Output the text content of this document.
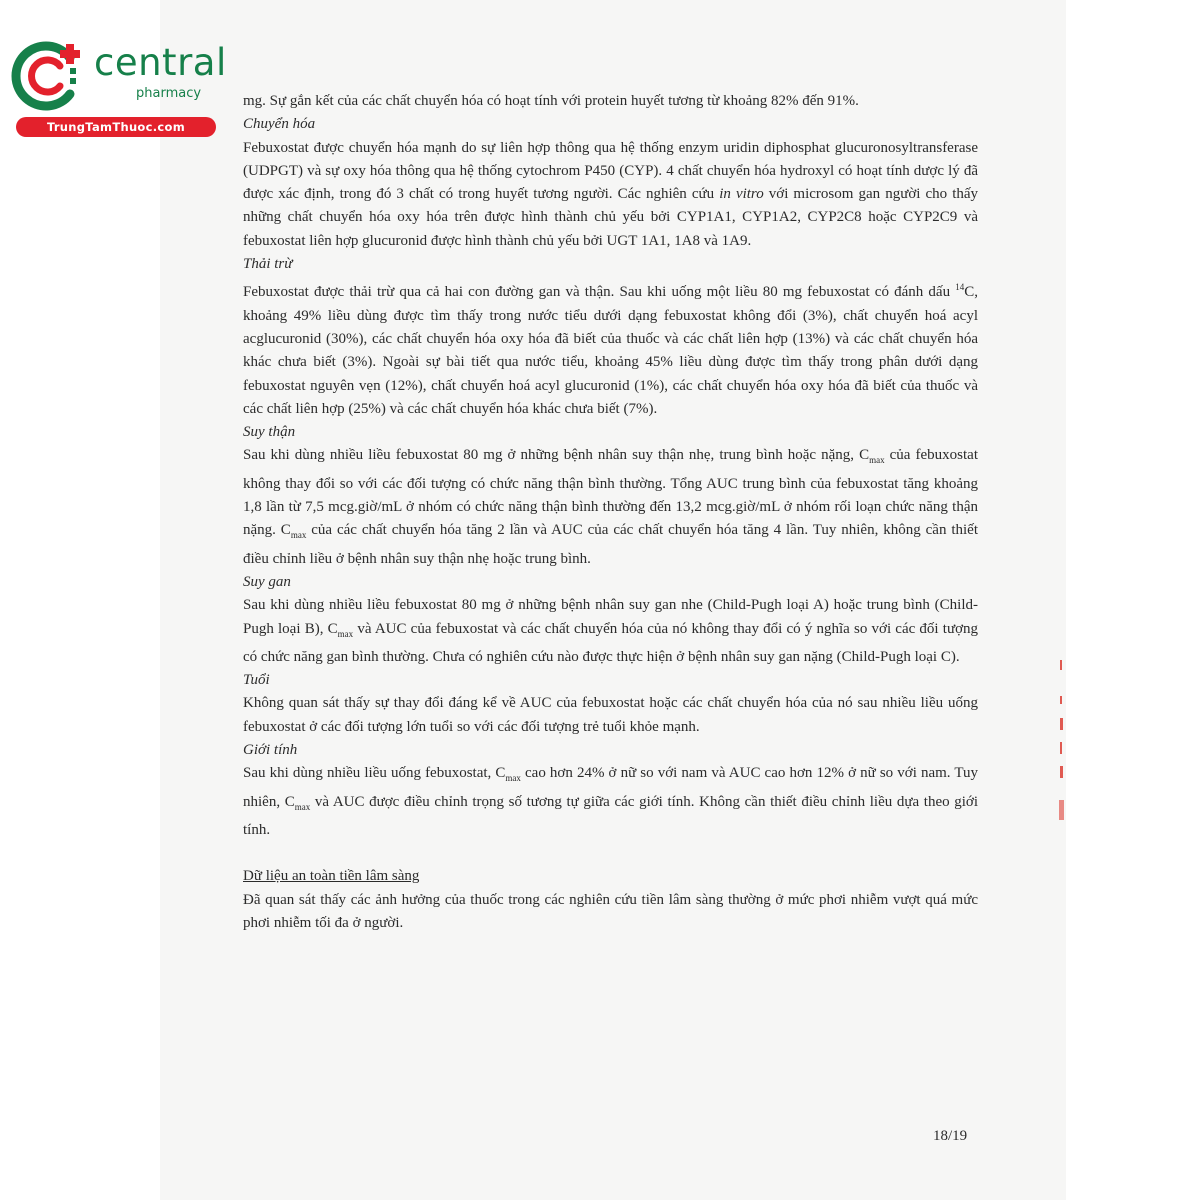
central
pharmacy
TrungTamThuoc.com

mg. Sự gắn kết của các chất chuyển hóa có hoạt tính với protein huyết tương từ khoảng 82% đến 91%.

Chuyển hóa

Febuxostat được chuyển hóa mạnh do sự liên hợp thông qua hệ thống enzym uridin diphosphat glucuronosyltransferase (UDPGT) và sự oxy hóa thông qua hệ thống cytochrom P450 (CYP). 4 chất chuyển hóa hydroxyl có hoạt tính dược lý đã được xác định, trong đó 3 chất có trong huyết tương người. Các nghiên cứu in vitro với microsom gan người cho thấy những chất chuyển hóa oxy hóa trên được hình thành chủ yếu bởi CYP1A1, CYP1A2, CYP2C8 hoặc CYP2C9 và febuxostat liên hợp glucuronid được hình thành chủ yếu bởi UGT 1A1, 1A8 và 1A9.

Thải trừ

Febuxostat được thải trừ qua cả hai con đường gan và thận. Sau khi uống một liều 80 mg febuxostat có đánh dấu $^{14}$C, khoảng 49% liều dùng được tìm thấy trong nước tiểu dưới dạng febuxostat không đổi (3%), chất chuyển hoá acyl acglucuronid (30%), các chất chuyển hóa oxy hóa đã biết của thuốc và các chất liên hợp (13%) và các chất chuyển hóa khác chưa biết (3%). Ngoài sự bài tiết qua nước tiểu, khoảng 45% liều dùng được tìm thấy trong phân dưới dạng febuxostat nguyên vẹn (12%), chất chuyển hoá acyl glucuronid (1%), các chất chuyển hóa oxy hóa đã biết của thuốc và các chất liên hợp (25%) và các chất chuyển hóa khác chưa biết (7%).

Suy thận

Sau khi dùng nhiều liều febuxostat 80 mg ở những bệnh nhân suy thận nhẹ, trung bình hoặc nặng, $C_{max}$ của febuxostat không thay đổi so với các đối tượng có chức năng thận bình thường. Tổng AUC trung bình của febuxostat tăng khoảng 1,8 lần từ 7,5 mcg.giờ/mL ở nhóm có chức năng thận bình thường đến 13,2 mcg.giờ/mL ở nhóm rối loạn chức năng thận nặng. $C_{max}$ của các chất chuyển hóa tăng 2 lần và AUC của các chất chuyển hóa tăng 4 lần. Tuy nhiên, không cần thiết điều chỉnh liều ở bệnh nhân suy thận nhẹ hoặc trung bình.

Suy gan

Sau khi dùng nhiều liều febuxostat 80 mg ở những bệnh nhân suy gan nhe (Child-Pugh loại A) hoặc trung bình (Child-Pugh loại B), $C_{max}$ và AUC của febuxostat và các chất chuyển hóa của nó không thay đổi có ý nghĩa so với các đối tượng có chức năng gan bình thường. Chưa có nghiên cứu nào được thực hiện ở bệnh nhân suy gan nặng (Child-Pugh loại C).

Tuổi

Không quan sát thấy sự thay đổi đáng kể về AUC của febuxostat hoặc các chất chuyển hóa của nó sau nhiều liều uống febuxostat ở các đối tượng lớn tuổi so với các đối tượng trẻ tuổi khỏe mạnh.

Giới tính

Sau khi dùng nhiều liều uống febuxostat, $C_{max}$ cao hơn 24% ở nữ so với nam và AUC cao hơn 12% ở nữ so với nam. Tuy nhiên, $C_{max}$ và AUC được điều chỉnh trọng số tương tự giữa các giới tính. Không cần thiết điều chỉnh liều dựa theo giới tính.

Dữ liệu an toàn tiền lâm sàng

Đã quan sát thấy các ảnh hưởng của thuốc trong các nghiên cứu tiền lâm sàng thường ở mức phơi nhiễm vượt quá mức phơi nhiễm tối đa ở người.

18/19
